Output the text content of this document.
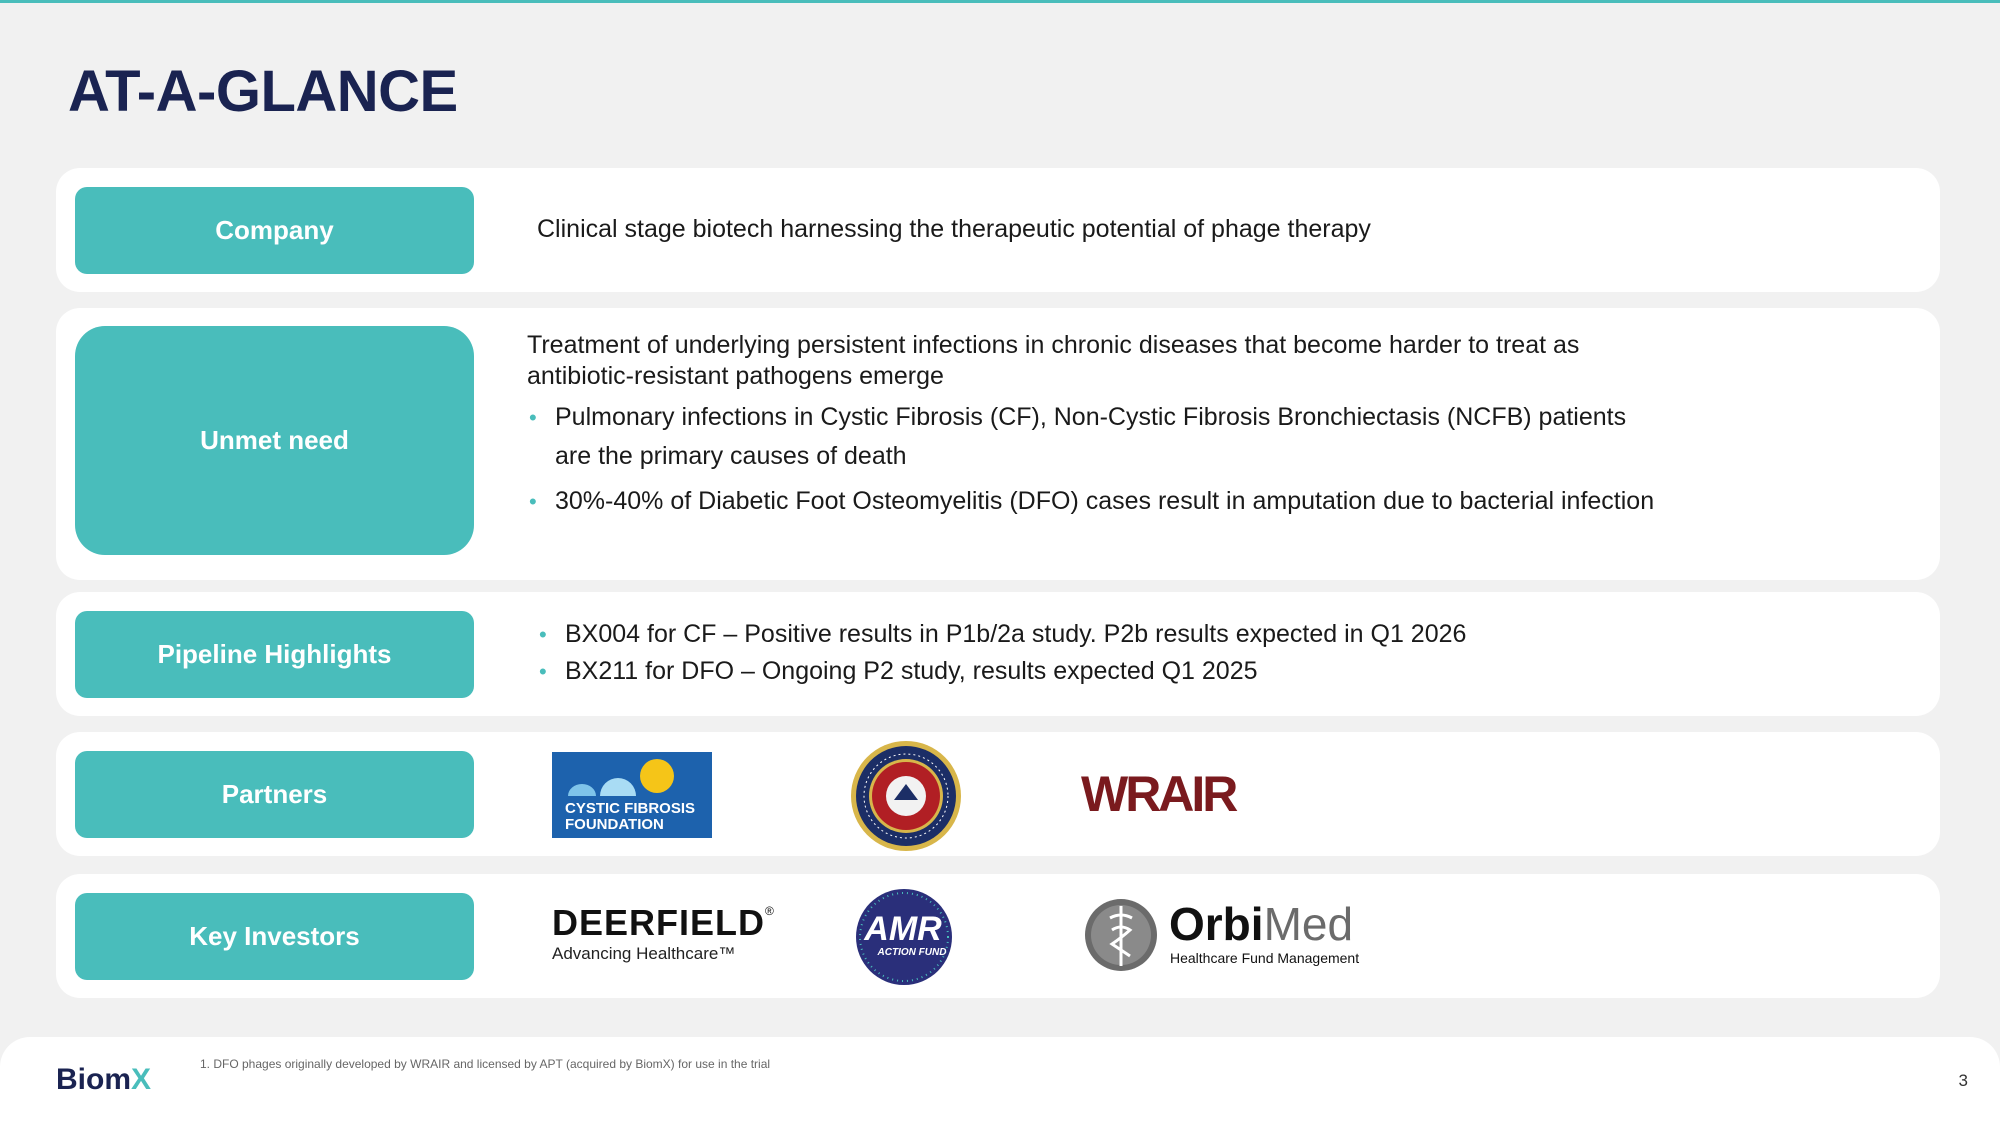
AT-A-GLANCE
Company	Clinical stage biotech harnessing the therapeutic potential of phage therapy
Unmet need
Treatment of underlying persistent infections in chronic diseases that become harder to treat as antibiotic-resistant pathogens emerge
• Pulmonary infections in Cystic Fibrosis (CF), Non-Cystic Fibrosis Bronchiectasis (NCFB) patients are the primary causes of death
• 30%-40% of Diabetic Foot Osteomyelitis (DFO) cases result in amputation due to bacterial infection
Pipeline Highlights
• BX004 for CF – Positive results in P1b/2a study. P2b results expected in Q1 2026
• BX211 for DFO – Ongoing P2 study, results expected Q1 2025
Partners	CYSTIC FIBROSIS
FOUNDATION
WRAIR
Key Investors	DEERFIELD®
Advancing Healthcare™
AMR
ACTION FUND
OrbiMed
Healthcare Fund Management
BiomX	1. DFO phages originally developed by WRAIR and licensed by APT (acquired by BiomX) for use in the trial
3
